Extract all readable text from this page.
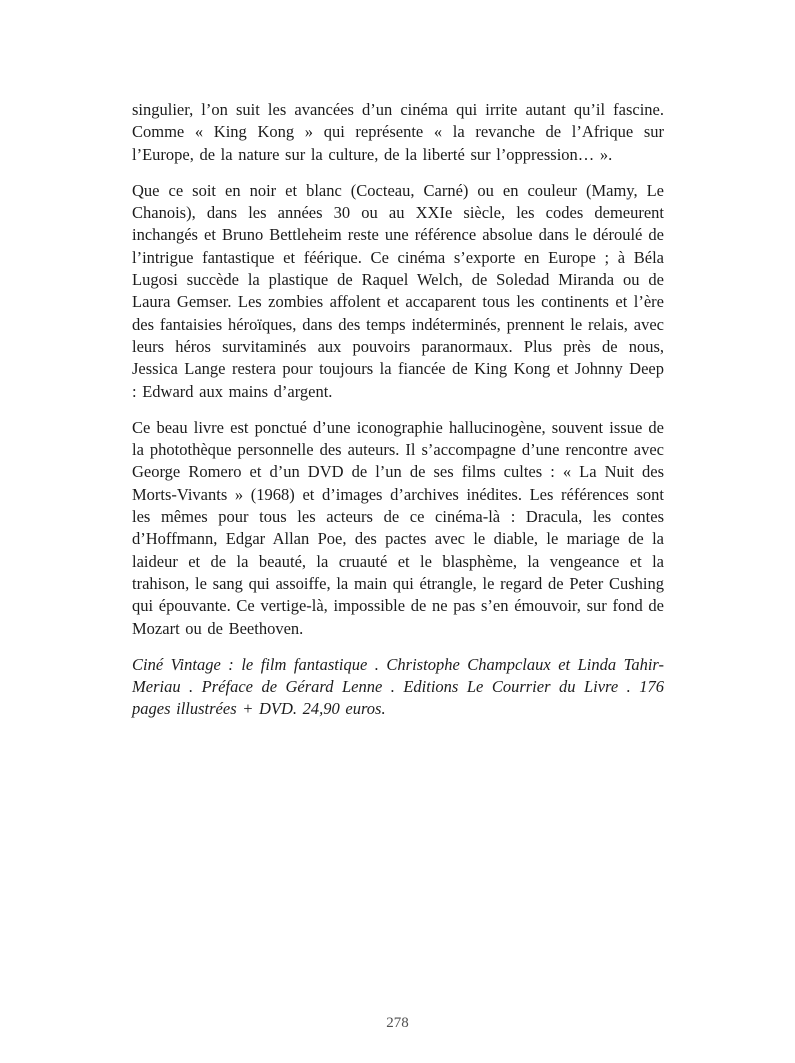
singulier, l’on suit les avancées d’un cinéma qui irrite autant qu’il fascine. Comme « King Kong » qui représente « la revanche de l’Afrique sur l’Europe, de la nature sur la culture, de la liberté sur l’oppression… ».

Que ce soit en noir et blanc (Cocteau, Carné) ou en couleur (Mamy, Le Chanois), dans les années 30 ou au XXIe siècle, les codes demeurent inchangés et Bruno Bettleheim reste une référence absolue dans le déroulé de l’intrigue fantastique et féérique. Ce cinéma s’exporte en Europe ; à Béla Lugosi succède la plastique de Raquel Welch, de Soledad Miranda ou de Laura Gemser. Les zombies affolent et accaparent tous les continents et l’ère des fantaisies héroïques, dans des temps indéterminés, prennent le relais, avec leurs héros survitaminés aux pouvoirs paranormaux. Plus près de nous, Jessica Lange restera pour toujours la fiancée de King Kong et Johnny Deep : Edward aux mains d’argent.

Ce beau livre est ponctué d’une iconographie hallucinogène, souvent issue de la photothèque personnelle des auteurs. Il s’accompagne d’une rencontre avec George Romero et d’un DVD de l’un de ses films cultes : « La Nuit des Morts-Vivants » (1968) et d’images d’archives inédites. Les références sont les mêmes pour tous les acteurs de ce cinéma-là : Dracula, les contes d’Hoffmann, Edgar Allan Poe, des pactes avec le diable, le mariage de la laideur et de la beauté, la cruauté et le blasphème, la vengeance et la trahison, le sang qui assoiffe, la main qui étrangle, le regard de Peter Cushing qui épouvante. Ce vertige-là, impossible de ne pas s’en émouvoir, sur fond de Mozart ou de Beethoven.

Ciné Vintage : le film fantastique . Christophe Champclaux et Linda Tahir-Meriau . Préface de Gérard Lenne . Editions Le Courrier du Livre . 176 pages illustrées + DVD. 24,90 euros.

278
